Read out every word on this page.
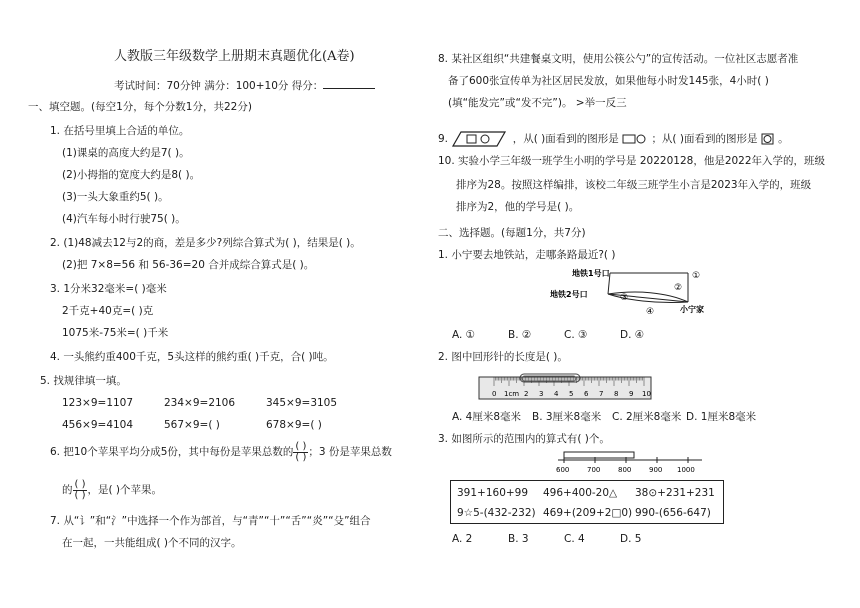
人教版三年级数学上册期末真题优化(A卷)
考试时间：70分钟 满分：100+10分 得分：
一、填空题。(每空1分，每个分数1分，共22分)
1. 在括号里填上合适的单位。
(1)课桌的高度大约是7( )。
(2)小拇指的宽度大约是8( )。
(3)一头大象重约5( )。
(4)汽车每小时行驶75( )。
2. (1)48减去12与2的商，差是多少?列综合算式为( )，结果是( )。
(2)把 7×8=56 和 56-36=20 合并成综合算式是( )。
3. 1分米32毫米=( )毫米
2千克+40克=( )克
1075米-75米=( )千米
4. 一头熊约重400千克，5头这样的熊约重( )千克，合( )吨。
5. 找规律填一填。
123×9=1107	234×9=2106	345×9=3105
456×9=4104	567×9=( )	678×9=( )
6. 把10个苹果平均分成5份，其中每份是苹果总数的 $\frac{( )}{( )}$ ；3 份是苹果总数
的 $\frac{( )}{( )}$ ，是( )个苹果。
7. 从“讠”和“氵”中选择一个作为部首，与“青”“十”“舌”“炎”“殳”组合
在一起，一共能组成( )个不同的汉字。
8. 某社区组织“共建餐桌文明，使用公筷公勺”的宣传活动。一位社区志愿者准
备了600张宣传单为社区居民发放，如果他每小时发145张，4小时( )
(填“能发完”或“发不完”)。 >举一反三
9.	，从( )面看到的图形是	；从( )面看到的图形是 。
10. 实验小学三年级一班学生小明的学号是 20220128，他是2022年入学的，班级
排序为28。按照这样编排，该校二年级三班学生小言是2023年入学的，班级
排序为2，他的学号是( )。
二、选择题。(每题1分，共7分)
1. 小宁要去地铁站，走哪条路最近?( )
地铁1号口
地铁2号口
小宁家
①
②
③
④
A. ①	B. ②	C. ③	D. ④
2. 图中回形针的长度是( )。
0 1cm 2 3 4 5 6 7 8 9 10
A. 4厘米8毫米 B. 3厘米8毫米 C. 2厘米8毫米 D. 1厘米8毫米
3. 如图所示的范围内的算式有( )个。
600	700	800	900 1000
391+160+99 496+400-20△ 38⊙+231+231
9☆5-(432-232) 469+(209+2□0) 990-(656-647)
A. 2	B. 3	C. 4	D. 5
